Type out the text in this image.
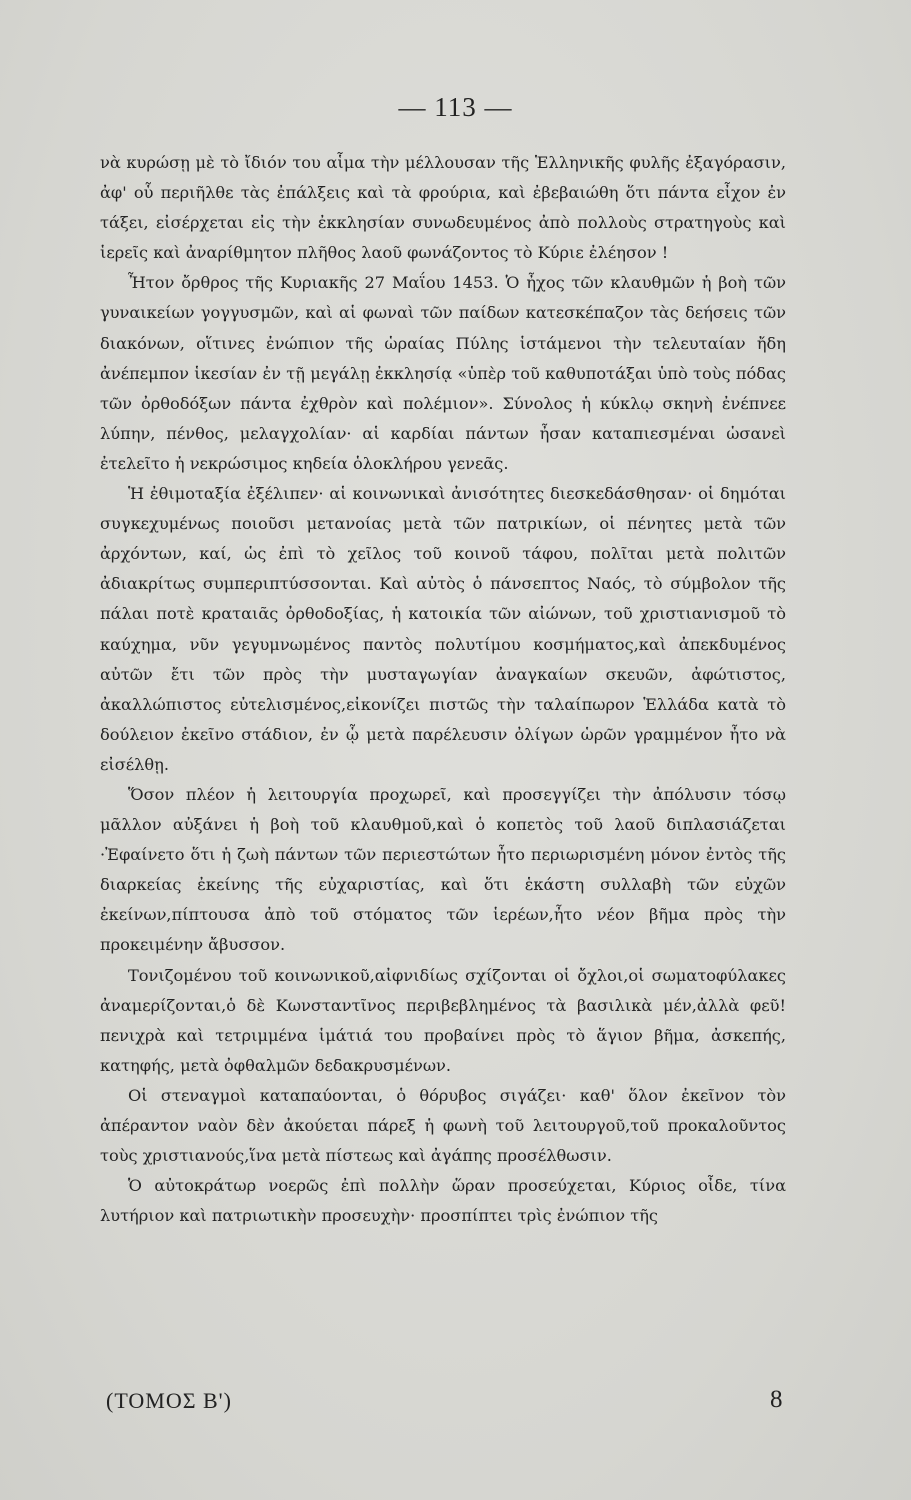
— 113 —

νὰ κυρώσῃ μὲ τὸ ἴδιόν του αἷμα τὴν μέλλουσαν τῆς Ἑλληνικῆς φυλῆς ἐξαγόρασιν, ἀφ' οὗ περιῆλθε τὰς ἐπάλξεις καὶ τὰ φρούρια, καὶ ἐβεβαιώθη ὅτι πάντα εἶχον ἐν τάξει, εἰσέρχεται εἰς τὴν ἐκκλησίαν συνωδευμένος ἀπὸ πολλοὺς στρατηγοὺς καὶ ἱερεῖς καὶ ἀναρίθμητον πλῆθος λαοῦ φωνάζοντος τὸ Κύριε ἐλέησον !

Ἦτον ὄρθρος τῆς Κυριακῆς 27 Μαΐου 1453. Ὁ ἦχος τῶν κλαυθμῶν ἡ βοὴ τῶν γυναικείων γογγυσμῶν, καὶ αἱ φωναὶ τῶν παίδων κατεσκέπαζον τὰς δεήσεις τῶν διακόνων, οἵτινες ἐνώπιον τῆς ὡραίας Πύλης ἱστάμενοι τὴν τελευταίαν ἤδη ἀνέπεμπον ἱκεσίαν ἐν τῇ μεγάλῃ ἐκκλησίᾳ «ὑπὲρ τοῦ καθυποτάξαι ὑπὸ τοὺς πόδας τῶν ὀρθοδόξων πάντα ἐχθρὸν καὶ πολέμιον». Σύνολος ἡ κύκλῳ σκηνὴ ἐνέπνεε λύπην, πένθος, μελαγχολίαν· αἱ καρδίαι πάντων ἦσαν καταπιεσμέναι ὡσανεὶ ἐτελεῖτο ἡ νεκρώσιμος κηδεία ὁλοκλήρου γενεᾶς.

Ἡ ἐθιμοταξία ἐξέλιπεν· αἱ κοινωνικαὶ ἀνισότητες διεσκεδάσθησαν· οἱ δημόται συγκεχυμένως ποιοῦσι μετανοίας μετὰ τῶν πατρικίων, οἱ πένητες μετὰ τῶν ἀρχόντων, καί, ὡς ἐπὶ τὸ χεῖλος τοῦ κοινοῦ τάφου, πολῖται μετὰ πολιτῶν ἀδιακρίτως συμπεριπτύσσονται. Καὶ αὐτὸς ὁ πάνσεπτος Ναός, τὸ σύμβολον τῆς πάλαι ποτὲ κραταιᾶς ὀρθοδοξίας, ἡ κατοικία τῶν αἰώνων, τοῦ χριστιανισμοῦ τὸ καύχημα, νῦν γεγυμνωμένος παντὸς πολυτίμου κοσμήματος,καὶ ἀπεκδυμένος αὐτῶν ἔτι τῶν πρὸς τὴν μυσταγωγίαν ἀναγκαίων σκευῶν, ἀφώτιστος, ἀκαλλώπιστος εὐτελισμένος,εἰκονίζει πιστῶς τὴν ταλαίπωρον Ἑλλάδα κατὰ τὸ δούλειον ἐκεῖνο στάδιον, ἐν ᾧ μετὰ παρέλευσιν ὀλίγων ὡρῶν γραμμένον ἦτο νὰ εἰσέλθῃ.

Ὅσον πλέον ἡ λειτουργία προχωρεῖ, καὶ προσεγγίζει τὴν ἀπόλυσιν τόσῳ μᾶλλον αὐξάνει ἡ βοὴ τοῦ κλαυθμοῦ,καὶ ὁ κοπετὸς τοῦ λαοῦ διπλασιάζεται ·Ἐφαίνετο ὅτι ἡ ζωὴ πάντων τῶν περιεστώτων ἦτο περιωρισμένη μόνον ἐντὸς τῆς διαρκείας ἐκείνης τῆς εὐχαριστίας, καὶ ὅτι ἑκάστη συλλαβὴ τῶν εὐχῶν ἐκείνων,πίπτουσα ἀπὸ τοῦ στόματος τῶν ἱερέων,ἦτο νέον βῆμα πρὸς τὴν προκειμένην ἄβυσσον.

Τονιζομένου τοῦ κοινωνικοῦ,αἰφνιδίως σχίζονται οἱ ὄχλοι,οἱ σωματοφύλακες ἀναμερίζονται,ὁ δὲ Κωνσταντῖνος περιβεβλημένος τὰ βασιλικὰ μέν,ἀλλὰ φεῦ! πενιχρὰ καὶ τετριμμένα ἱμάτιά του προβαίνει πρὸς τὸ ἅγιον βῆμα, ἀσκεπής, κατηφής, μετὰ ὀφθαλμῶν δεδακρυσμένων.

Οἱ στεναγμοὶ καταπαύονται, ὁ θόρυβος σιγάζει· καθ' ὅλον ἐκεῖνον τὸν ἀπέραντον ναὸν δὲν ἀκούεται πάρεξ ἡ φωνὴ τοῦ λειτουργοῦ,τοῦ προκαλοῦντος τοὺς χριστιανούς,ἵνα μετὰ πίστεως καὶ ἀγάπης προσέλθωσιν.

Ὁ αὐτοκράτωρ νοερῶς ἐπὶ πολλὴν ὥραν προσεύχεται, Κύριος οἶδε, τίνα λυτήριον καὶ πατριωτικὴν προσευχὴν· προσπίπτει τρὶς ἐνώπιον τῆς

(ΤΟΜΟΣ Β')	8
